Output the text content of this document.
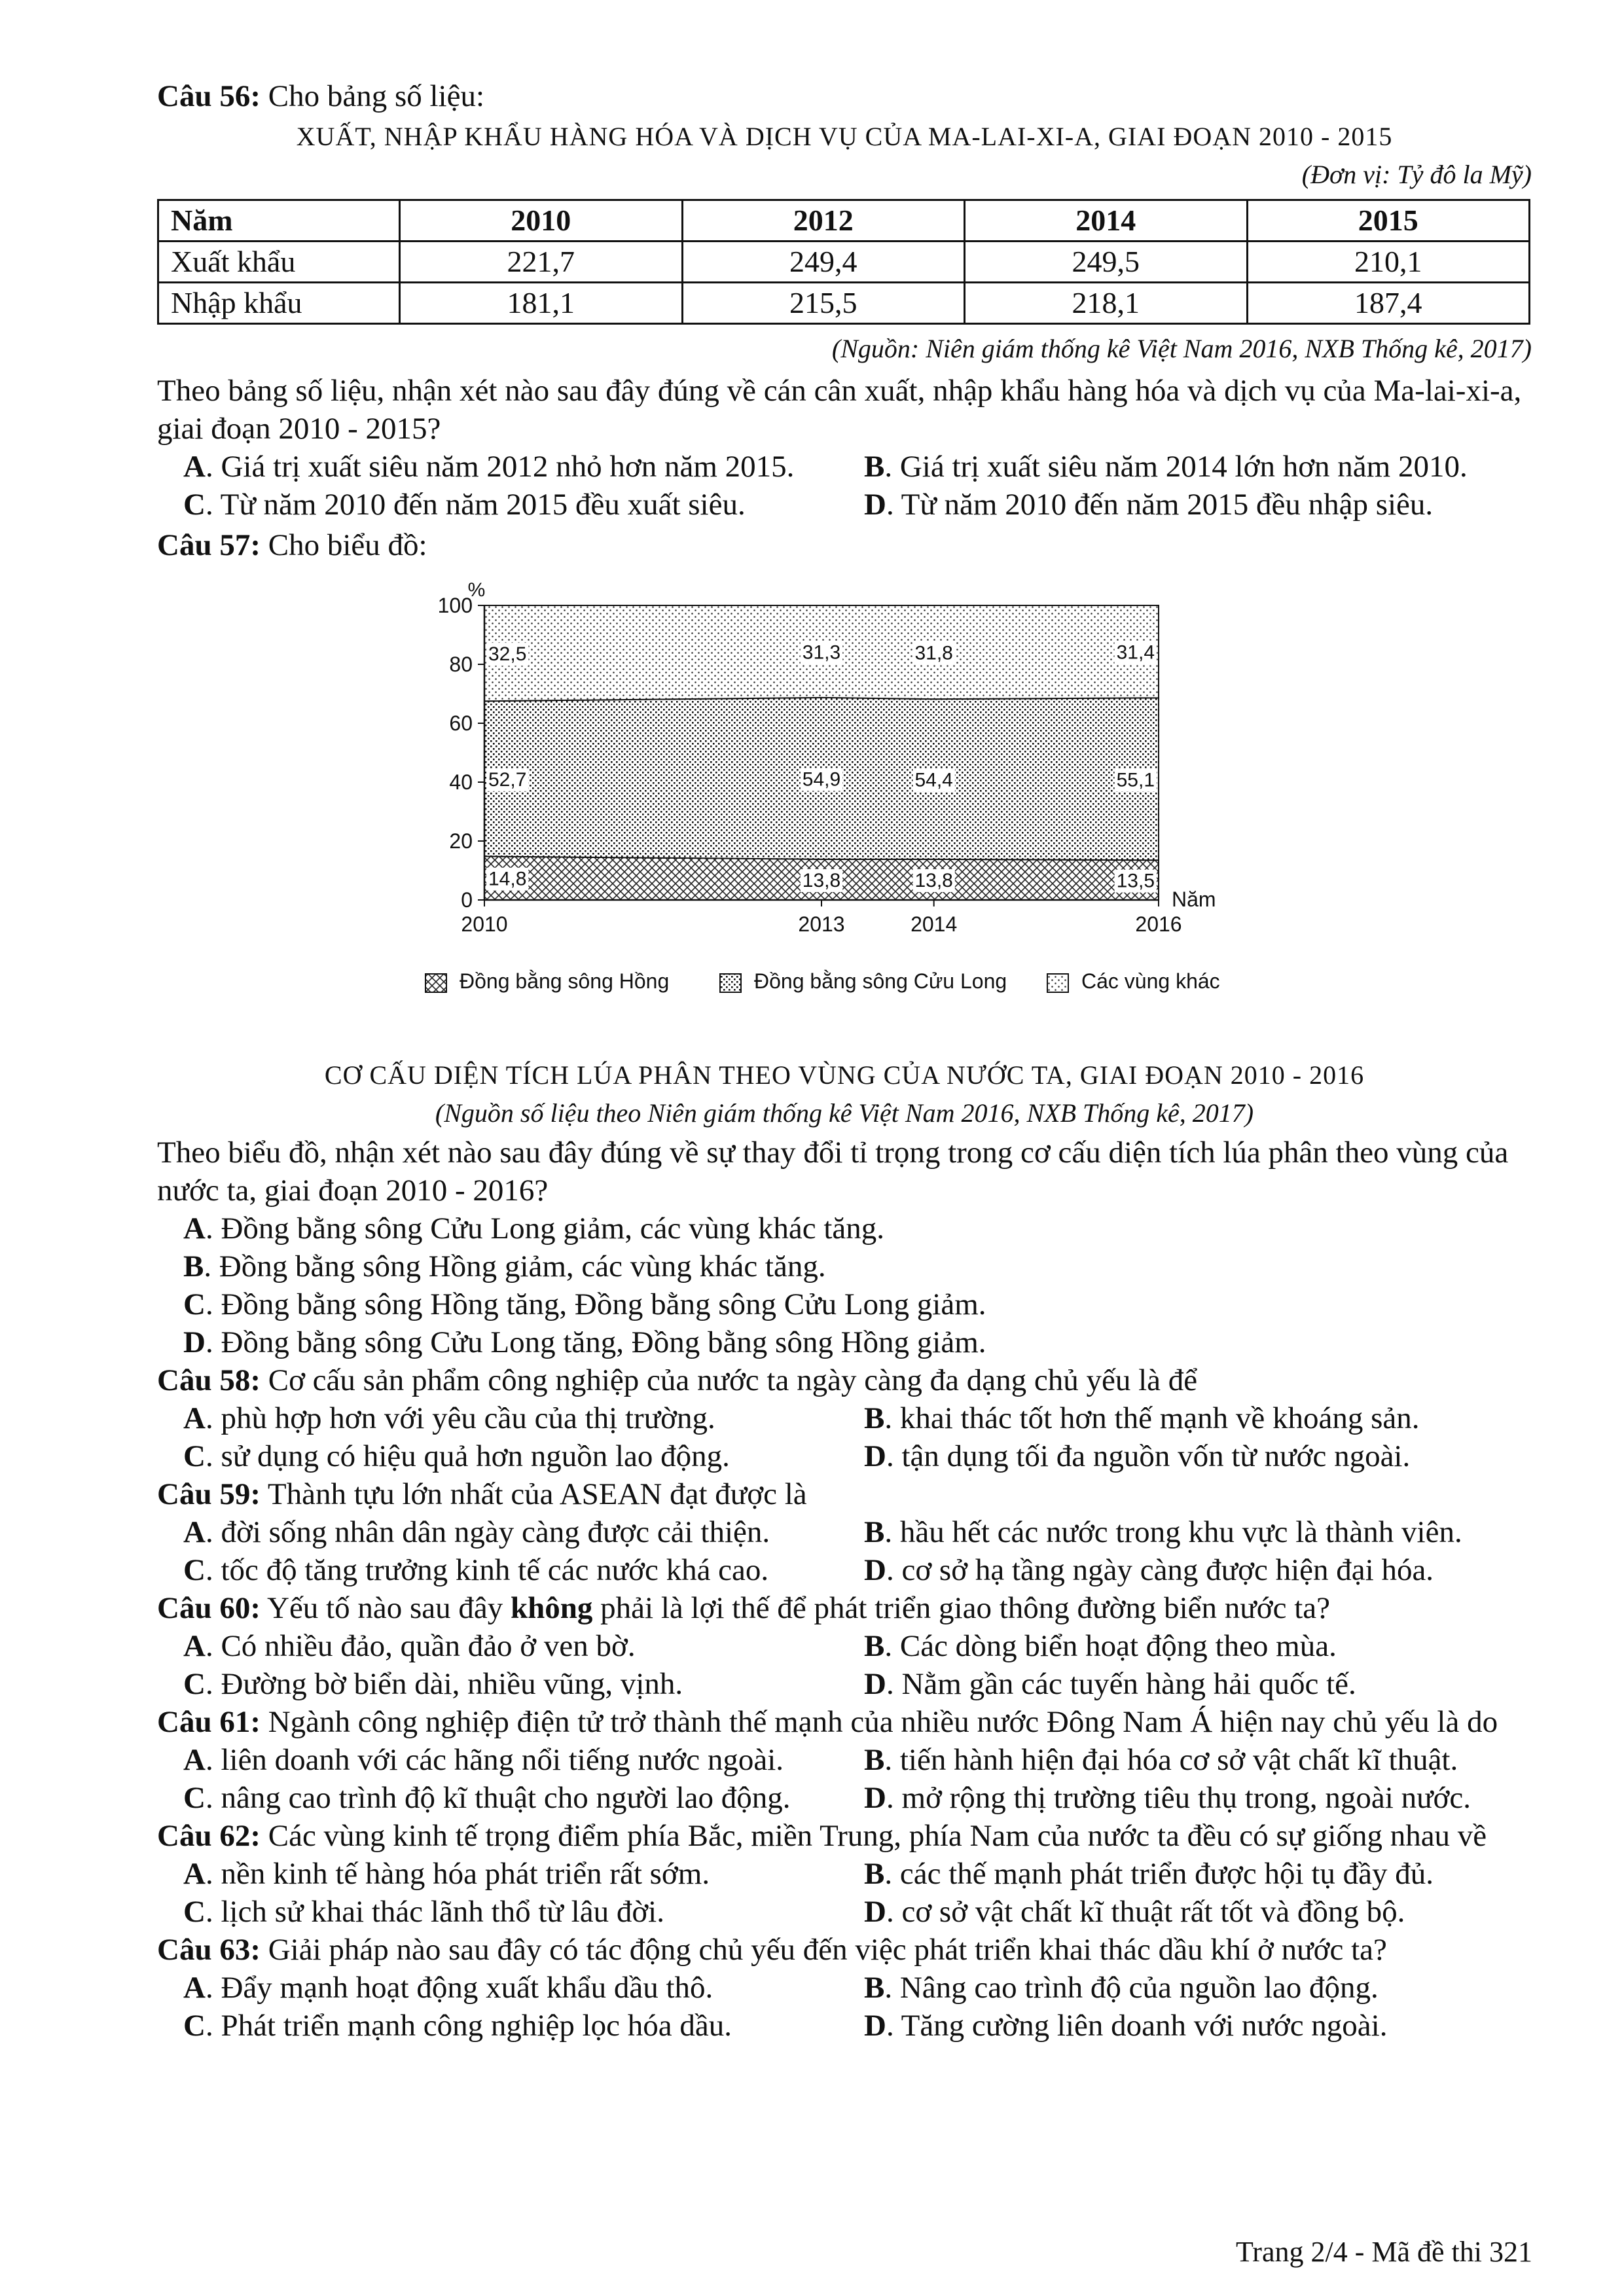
Câu 56: Cho bảng số liệu:

XUẤT, NHẬP KHẨU HÀNG HÓA VÀ DỊCH VỤ CỦA MA-LAI-XI-A, GIAI ĐOẠN 2010 - 2015
(Đơn vị: Tỷ đô la Mỹ)
Năm	2010	2012	2014	2015
Xuất khẩu	221,7	249,4	249,5	210,1
Nhập khẩu	181,1	215,5	218,1	187,4
(Nguồn: Niên giám thống kê Việt Nam 2016, NXB Thống kê, 2017)

Theo bảng số liệu, nhận xét nào sau đây đúng về cán cân xuất, nhập khẩu hàng hóa và dịch vụ của Ma-lai-xi-a, giai đoạn 2010 - 2015?

A. Giá trị xuất siêu năm 2012 nhỏ hơn năm 2015.	B. Giá trị xuất siêu năm 2014 lớn hơn năm 2010.
C. Từ năm 2010 đến năm 2015 đều xuất siêu.	D. Từ năm 2010 đến năm 2015 đều nhập siêu.

Câu 57: Cho biểu đồ:

0
20
40
60
80
100
%
2010	2013	2014	2016
Năm
14,8	13,8	13,8	13,5
52,7	54,9	54,4	55,1
32,5	31,3	31,8	31,4
Đồng bằng sông Hồng	Đồng bằng sông Cửu Long	Các vùng khác
CƠ CẤU DIỆN TÍCH LÚA PHÂN THEO VÙNG CỦA NƯỚC TA, GIAI ĐOẠN 2010 - 2016
(Nguồn số liệu theo Niên giám thống kê Việt Nam 2016, NXB Thống kê, 2017)

Theo biểu đồ, nhận xét nào sau đây đúng về sự thay đổi tỉ trọng trong cơ cấu diện tích lúa phân theo vùng của nước ta, giai đoạn 2010 - 2016?

A. Đồng bằng sông Cửu Long giảm, các vùng khác tăng.
B. Đồng bằng sông Hồng giảm, các vùng khác tăng.
C. Đồng bằng sông Hồng tăng, Đồng bằng sông Cửu Long giảm.
D. Đồng bằng sông Cửu Long tăng, Đồng bằng sông Hồng giảm.

Câu 58: Cơ cấu sản phẩm công nghiệp của nước ta ngày càng đa dạng chủ yếu là để

A. phù hợp hơn với yêu cầu của thị trường.	B. khai thác tốt hơn thế mạnh về khoáng sản.
C. sử dụng có hiệu quả hơn nguồn lao động.	D. tận dụng tối đa nguồn vốn từ nước ngoài.

Câu 59: Thành tựu lớn nhất của ASEAN đạt được là

A. đời sống nhân dân ngày càng được cải thiện.	B. hầu hết các nước trong khu vực là thành viên.
C. tốc độ tăng trưởng kinh tế các nước khá cao.	D. cơ sở hạ tầng ngày càng được hiện đại hóa.

Câu 60: Yếu tố nào sau đây không phải là lợi thế để phát triển giao thông đường biển nước ta?

A. Có nhiều đảo, quần đảo ở ven bờ.	B. Các dòng biển hoạt động theo mùa.
C. Đường bờ biển dài, nhiều vũng, vịnh.	D. Nằm gần các tuyến hàng hải quốc tế.

Câu 61: Ngành công nghiệp điện tử trở thành thế mạnh của nhiều nước Đông Nam Á hiện nay chủ yếu là do

A. liên doanh với các hãng nổi tiếng nước ngoài.	B. tiến hành hiện đại hóa cơ sở vật chất kĩ thuật.
C. nâng cao trình độ kĩ thuật cho người lao động.	D. mở rộng thị trường tiêu thụ trong, ngoài nước.

Câu 62: Các vùng kinh tế trọng điểm phía Bắc, miền Trung, phía Nam của nước ta đều có sự giống nhau về

A. nền kinh tế hàng hóa phát triển rất sớm.	B. các thế mạnh phát triển được hội tụ đầy đủ.
C. lịch sử khai thác lãnh thổ từ lâu đời.	D. cơ sở vật chất kĩ thuật rất tốt và đồng bộ.

Câu 63: Giải pháp nào sau đây có tác động chủ yếu đến việc phát triển khai thác dầu khí ở nước ta?

A. Đẩy mạnh hoạt động xuất khẩu dầu thô.	B. Nâng cao trình độ của nguồn lao động.
C. Phát triển mạnh công nghiệp lọc hóa dầu.	D. Tăng cường liên doanh với nước ngoài.
Trang 2/4 - Mã đề thi 321
